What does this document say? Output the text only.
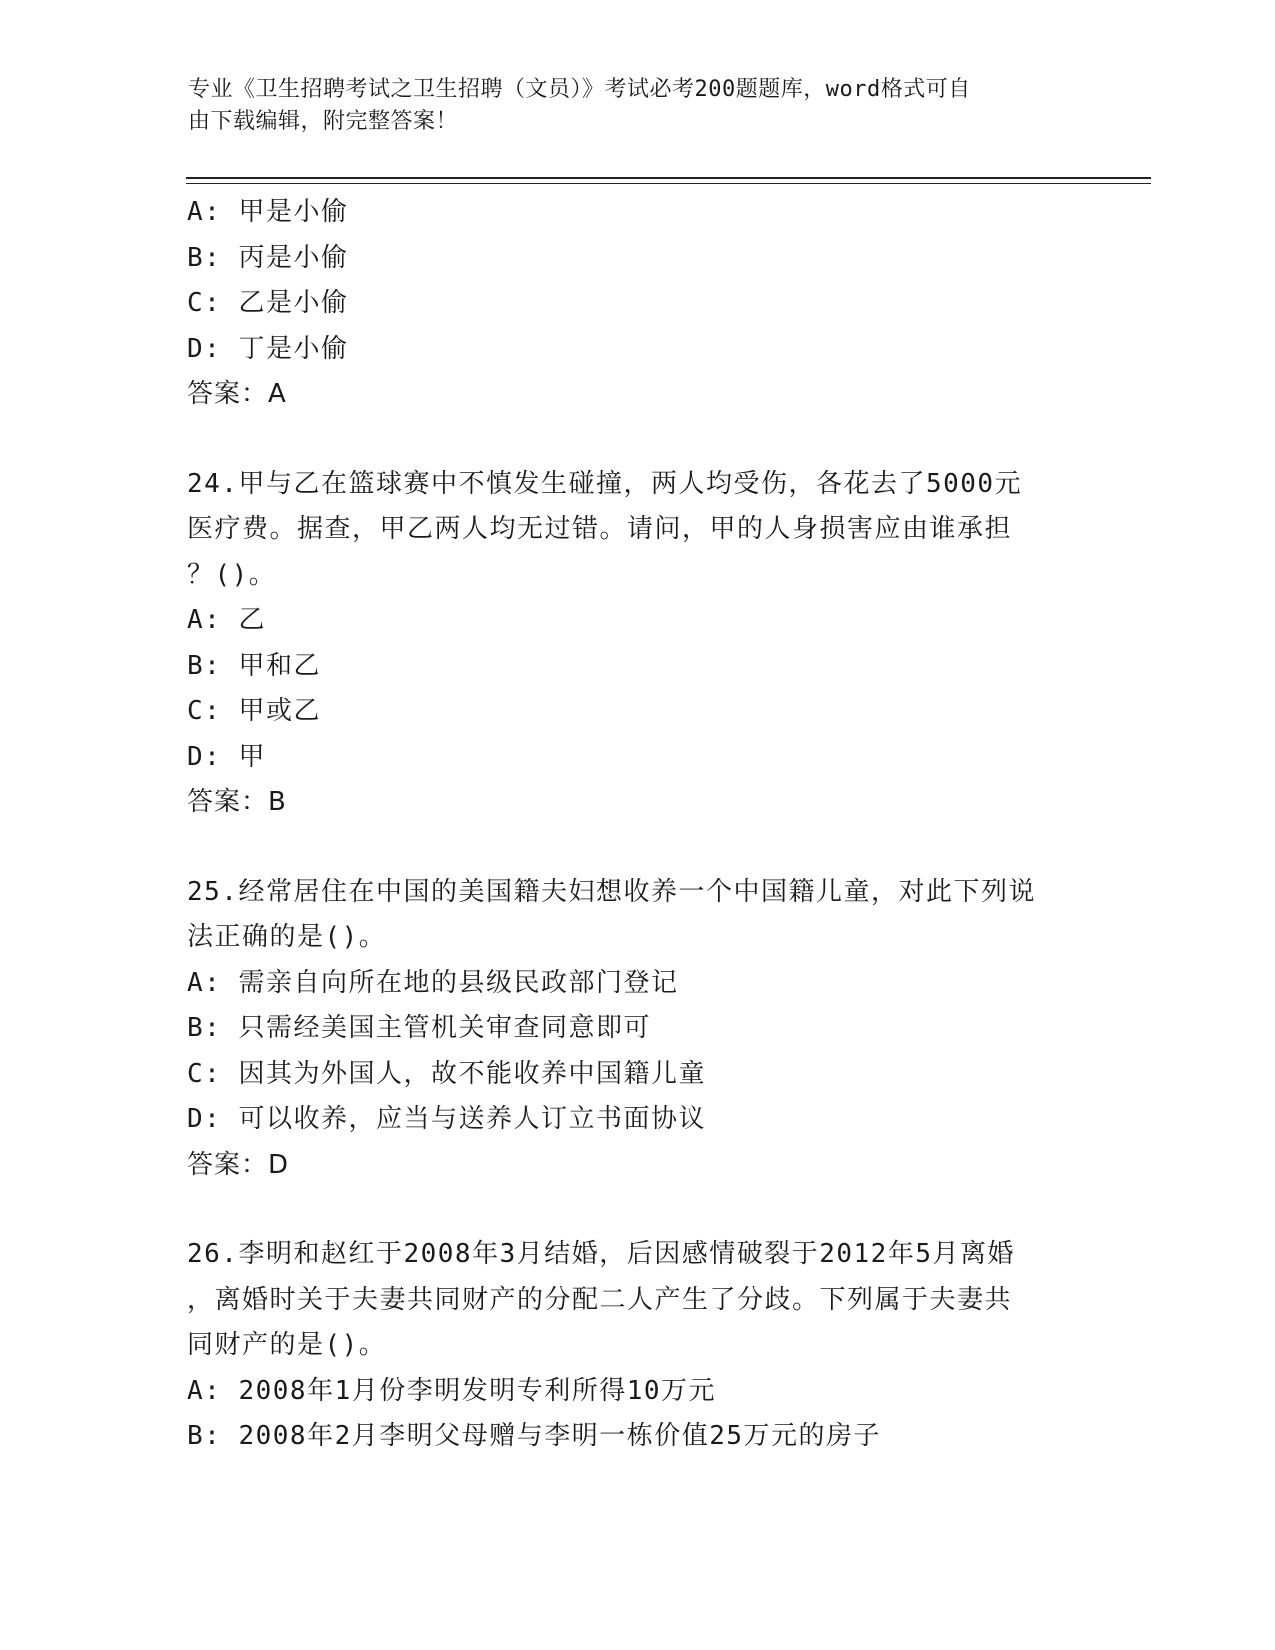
专业《卫生招聘考试之卫生招聘（文员）》考试必考200题题库，word格式可自
由下载编辑，附完整答案！
A: 甲是小偷
B: 丙是小偷
C: 乙是小偷
D: 丁是小偷
答案：A
24.甲与乙在篮球赛中不慎发生碰撞，两人均受伤，各花去了5000元
医疗费。据查，甲乙两人均无过错。请问，甲的人身损害应由谁承担
？()。
A: 乙
B: 甲和乙
C: 甲或乙
D: 甲
答案：B
25.经常居住在中国的美国籍夫妇想收养一个中国籍儿童，对此下列说
法正确的是()。
A: 需亲自向所在地的县级民政部门登记
B: 只需经美国主管机关审查同意即可
C: 因其为外国人，故不能收养中国籍儿童
D: 可以收养，应当与送养人订立书面协议
答案：D
26.李明和赵红于2008年3月结婚，后因感情破裂于2012年5月离婚
，离婚时关于夫妻共同财产的分配二人产生了分歧。下列属于夫妻共
同财产的是()。
A: 2008年1月份李明发明专利所得10万元
B: 2008年2月李明父母赠与李明一栋价值25万元的房子
